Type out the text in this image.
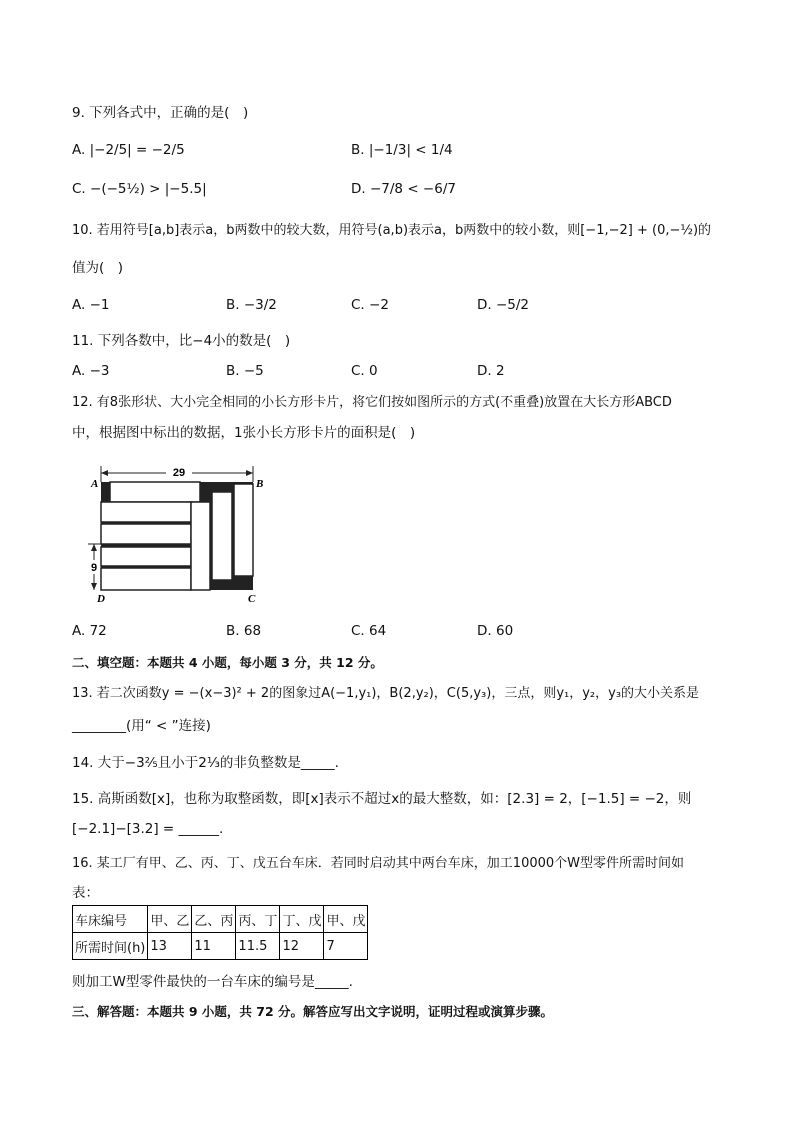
9. 下列各式中，正确的是(　)
A. |−2/5| = −2/5	B. |−1/3| < 1/4
C. −(−5½) > |−5.5|	D. −7/8 < −6/7
10. 若用符号[a,b]表示a，b两数中的较大数，用符号(a,b)表示a，b两数中的较小数，则[−1,−2] + (0,−½)的
值为(　)
A. −1	B. −3/2	C. −2	D. −5/2
11. 下列各数中，比−4小的数是(　)
A. −3	B. −5	C. 0	D. 2
12. 有8张形状、大小完全相同的小长方形卡片，将它们按如图所示的方式(不重叠)放置在大长方形ABCD
中，根据图中标出的数据，1张小长方形卡片的面积是(　)
29
9
A	B
C
D
A. 72	B. 68	C. 64	D. 60
二、填空题：本题共 4 小题，每小题 3 分，共 12 分。
13. 若二次函数y = −(x−3)² + 2的图象过A(−1,y₁)，B(2,y₂)，C(5,y₃)，三点，则y₁，y₂，y₃的大小关系是
________(用“ < ”连接)
14. 大于−3⅖且小于2⅓的非负整数是_____.
15. 高斯函数[x]，也称为取整函数，即[x]表示不超过x的最大整数，如：[2.3] = 2，[−1.5] = −2，则
[−2.1]−[3.2] = ______.
16. 某工厂有甲、乙、丙、丁、戊五台车床．若同时启动其中两台车床，加工10000个W型零件所需时间如
表：
车床编号	甲、乙	乙、丙	丙、丁	丁、戊	甲、戊
所需时间(h)	13	11	11.5	12	7
则加工W型零件最快的一台车床的编号是_____.
三、解答题：本题共 9 小题，共 72 分。解答应写出文字说明，证明过程或演算步骤。
